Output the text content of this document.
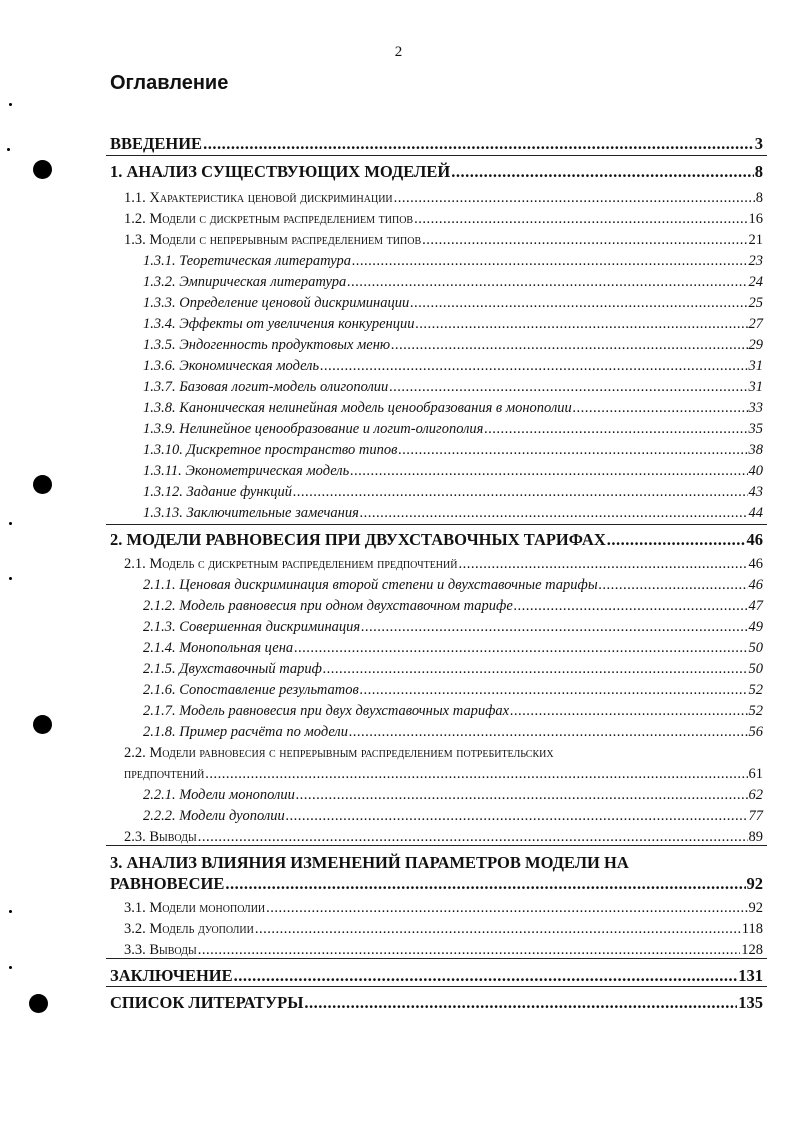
2
Оглавление
ВВЕДЕНИЕ .....	3
1. АНАЛИЗ СУЩЕСТВУЮЩИХ МОДЕЛЕЙ .....	8
1.1. Характеристика ценовой дискриминации .....	8
1.2. Модели с дискретным распределением типов .....	16
1.3. Модели с непрерывным распределением типов .....	21
1.3.1. Теоретическая литература .....	23
1.3.2. Эмпирическая литература .....	24
1.3.3. Определение ценовой дискриминации .....	25
1.3.4. Эффекты от увеличения конкуренции .....	27
1.3.5. Эндогенность продуктовых меню .....	29
1.3.6. Экономическая модель .....	31
1.3.7. Базовая логит-модель олигополии .....	31
1.3.8. Каноническая нелинейная модель ценообразования в монополии .....	33
1.3.9. Нелинейное ценообразование и логит-олигополия .....	35
1.3.10. Дискретное пространство типов .....	38
1.3.11. Эконометрическая модель .....	40
1.3.12. Задание функций .....	43
1.3.13. Заключительные замечания .....	44
2. МОДЕЛИ РАВНОВЕСИЯ ПРИ ДВУХСТАВОЧНЫХ ТАРИФАХ .....	46
2.1. Модель с дискретным распределением предпочтений .....	46
2.1.1. Ценовая дискриминация второй степени и двухставочные тарифы .....	46
2.1.2. Модель равновесия при одном двухставочном тарифе .....	47
2.1.3. Совершенная дискриминация .....	49
2.1.4. Монопольная цена .....	50
2.1.5. Двухставочный тариф .....	50
2.1.6. Сопоставление результатов .....	52
2.1.7. Модель равновесия при двух двухставочных тарифах .....	52
2.1.8. Пример расчёта по модели .....	56
2.2. Модели равновесия с непрерывным распределением потребительских
предпочтений .....	61
2.2.1. Модели монополии .....	62
2.2.2. Модели дуополии .....	77
2.3. Выводы .....	89
3. АНАЛИЗ ВЛИЯНИЯ ИЗМЕНЕНИЙ ПАРАМЕТРОВ МОДЕЛИ НА
РАВНОВЕСИЕ .....	92
3.1. Модели монополии .....	92
3.2. Модель дуополии .....	118
3.3. Выводы .....	128
ЗАКЛЮЧЕНИЕ .....	131
СПИСОК ЛИТЕРАТУРЫ .....	135
